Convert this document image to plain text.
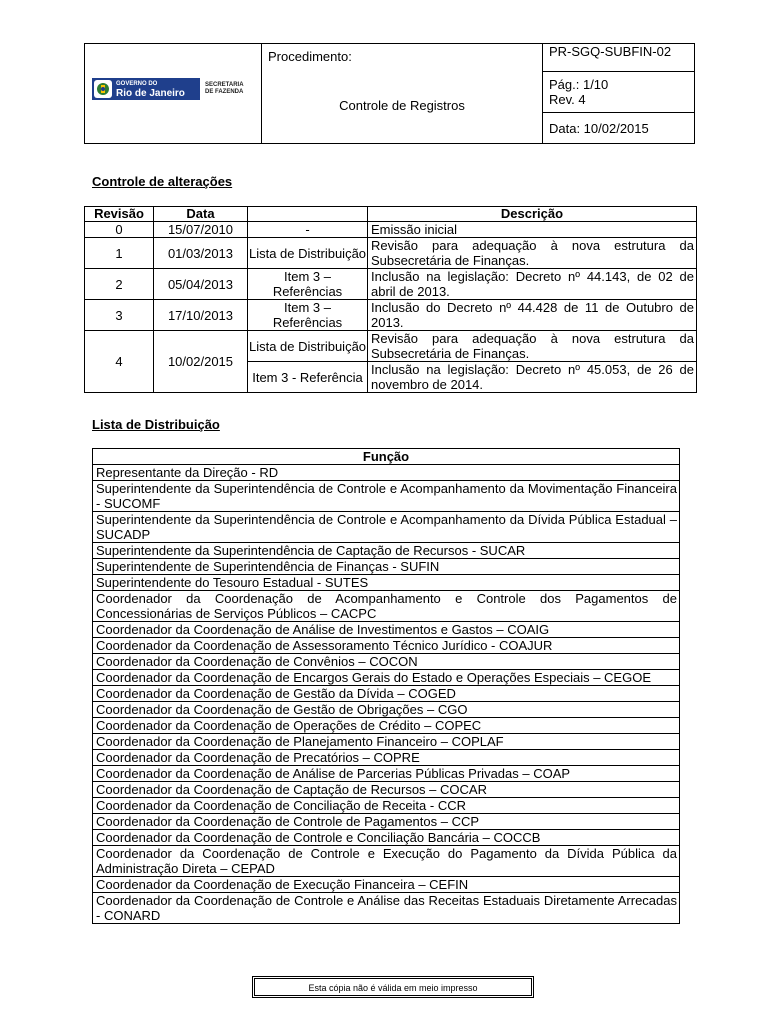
GOVERNO DO
Rio de Janeiro
SECRETARIA
DE FAZENDA

Procedimento:
Controle de Registros
	PR-SGQ-SUBFIN-02

Pág.: 1/10
Rev. 4

Data: 10/02/2015
Controle de alterações
Revisão	Data		Descrição
0	15/07/2010	-	Emissão inicial
1	01/03/2013	Lista de Distribuição	Revisão para adequação à nova estrutura da Subsecretária de Finanças.
2	05/04/2013	Item 3 – Referências	Inclusão na legislação: Decreto nº 44.143, de 02 de abril de 2013.
3	17/10/2013	Item 3 – Referências	Inclusão do Decreto nº 44.428 de 11 de Outubro de 2013.
4	10/02/2015	Lista de Distribuição	Revisão para adequação à nova estrutura da Subsecretária de Finanças.
		Item 3 - Referência	Inclusão na legislação: Decreto nº 45.053, de 26 de novembro de 2014.
Lista de Distribuição
Função
Representante da Direção - RD
Superintendente da Superintendência de Controle e Acompanhamento da Movimentação Financeira - SUCOMF
Superintendente da Superintendência de Controle e Acompanhamento da Dívida Pública Estadual – SUCADP
Superintendente da Superintendência de Captação de Recursos - SUCAR
Superintendente de Superintendência de Finanças - SUFIN
Superintendente do Tesouro Estadual - SUTES
Coordenador da Coordenação de Acompanhamento e Controle dos Pagamentos de Concessionárias de Serviços Públicos – CACPC
Coordenador da Coordenação de Análise de Investimentos e Gastos – COAIG
Coordenador da Coordenação de Assessoramento Técnico Jurídico - COAJUR
Coordenador da Coordenação de Convênios – COCON
Coordenador da Coordenação de Encargos Gerais do Estado e Operações Especiais – CEGOE
Coordenador da Coordenação de Gestão da Dívida – COGED
Coordenador da Coordenação de Gestão de Obrigações – CGO
Coordenador da Coordenação de Operações de Crédito – COPEC
Coordenador da Coordenação de Planejamento Financeiro – COPLAF
Coordenador da Coordenação de Precatórios – COPRE
Coordenador da Coordenação de Análise de Parcerias Públicas Privadas – COAP
Coordenador da Coordenação de Captação de Recursos – COCAR
Coordenador da Coordenação de Conciliação de Receita - CCR
Coordenador da Coordenação de Controle de Pagamentos – CCP
Coordenador da Coordenação de Controle e Conciliação Bancária – COCCB
Coordenador da Coordenação de Controle e Execução do Pagamento da Dívida Pública da Administração Direta – CEPAD
Coordenador da Coordenação de Execução Financeira – CEFIN
Coordenador da Coordenação de Controle e Análise das Receitas Estaduais Diretamente Arrecadas - CONARD
Esta cópia não é válida em meio impresso
